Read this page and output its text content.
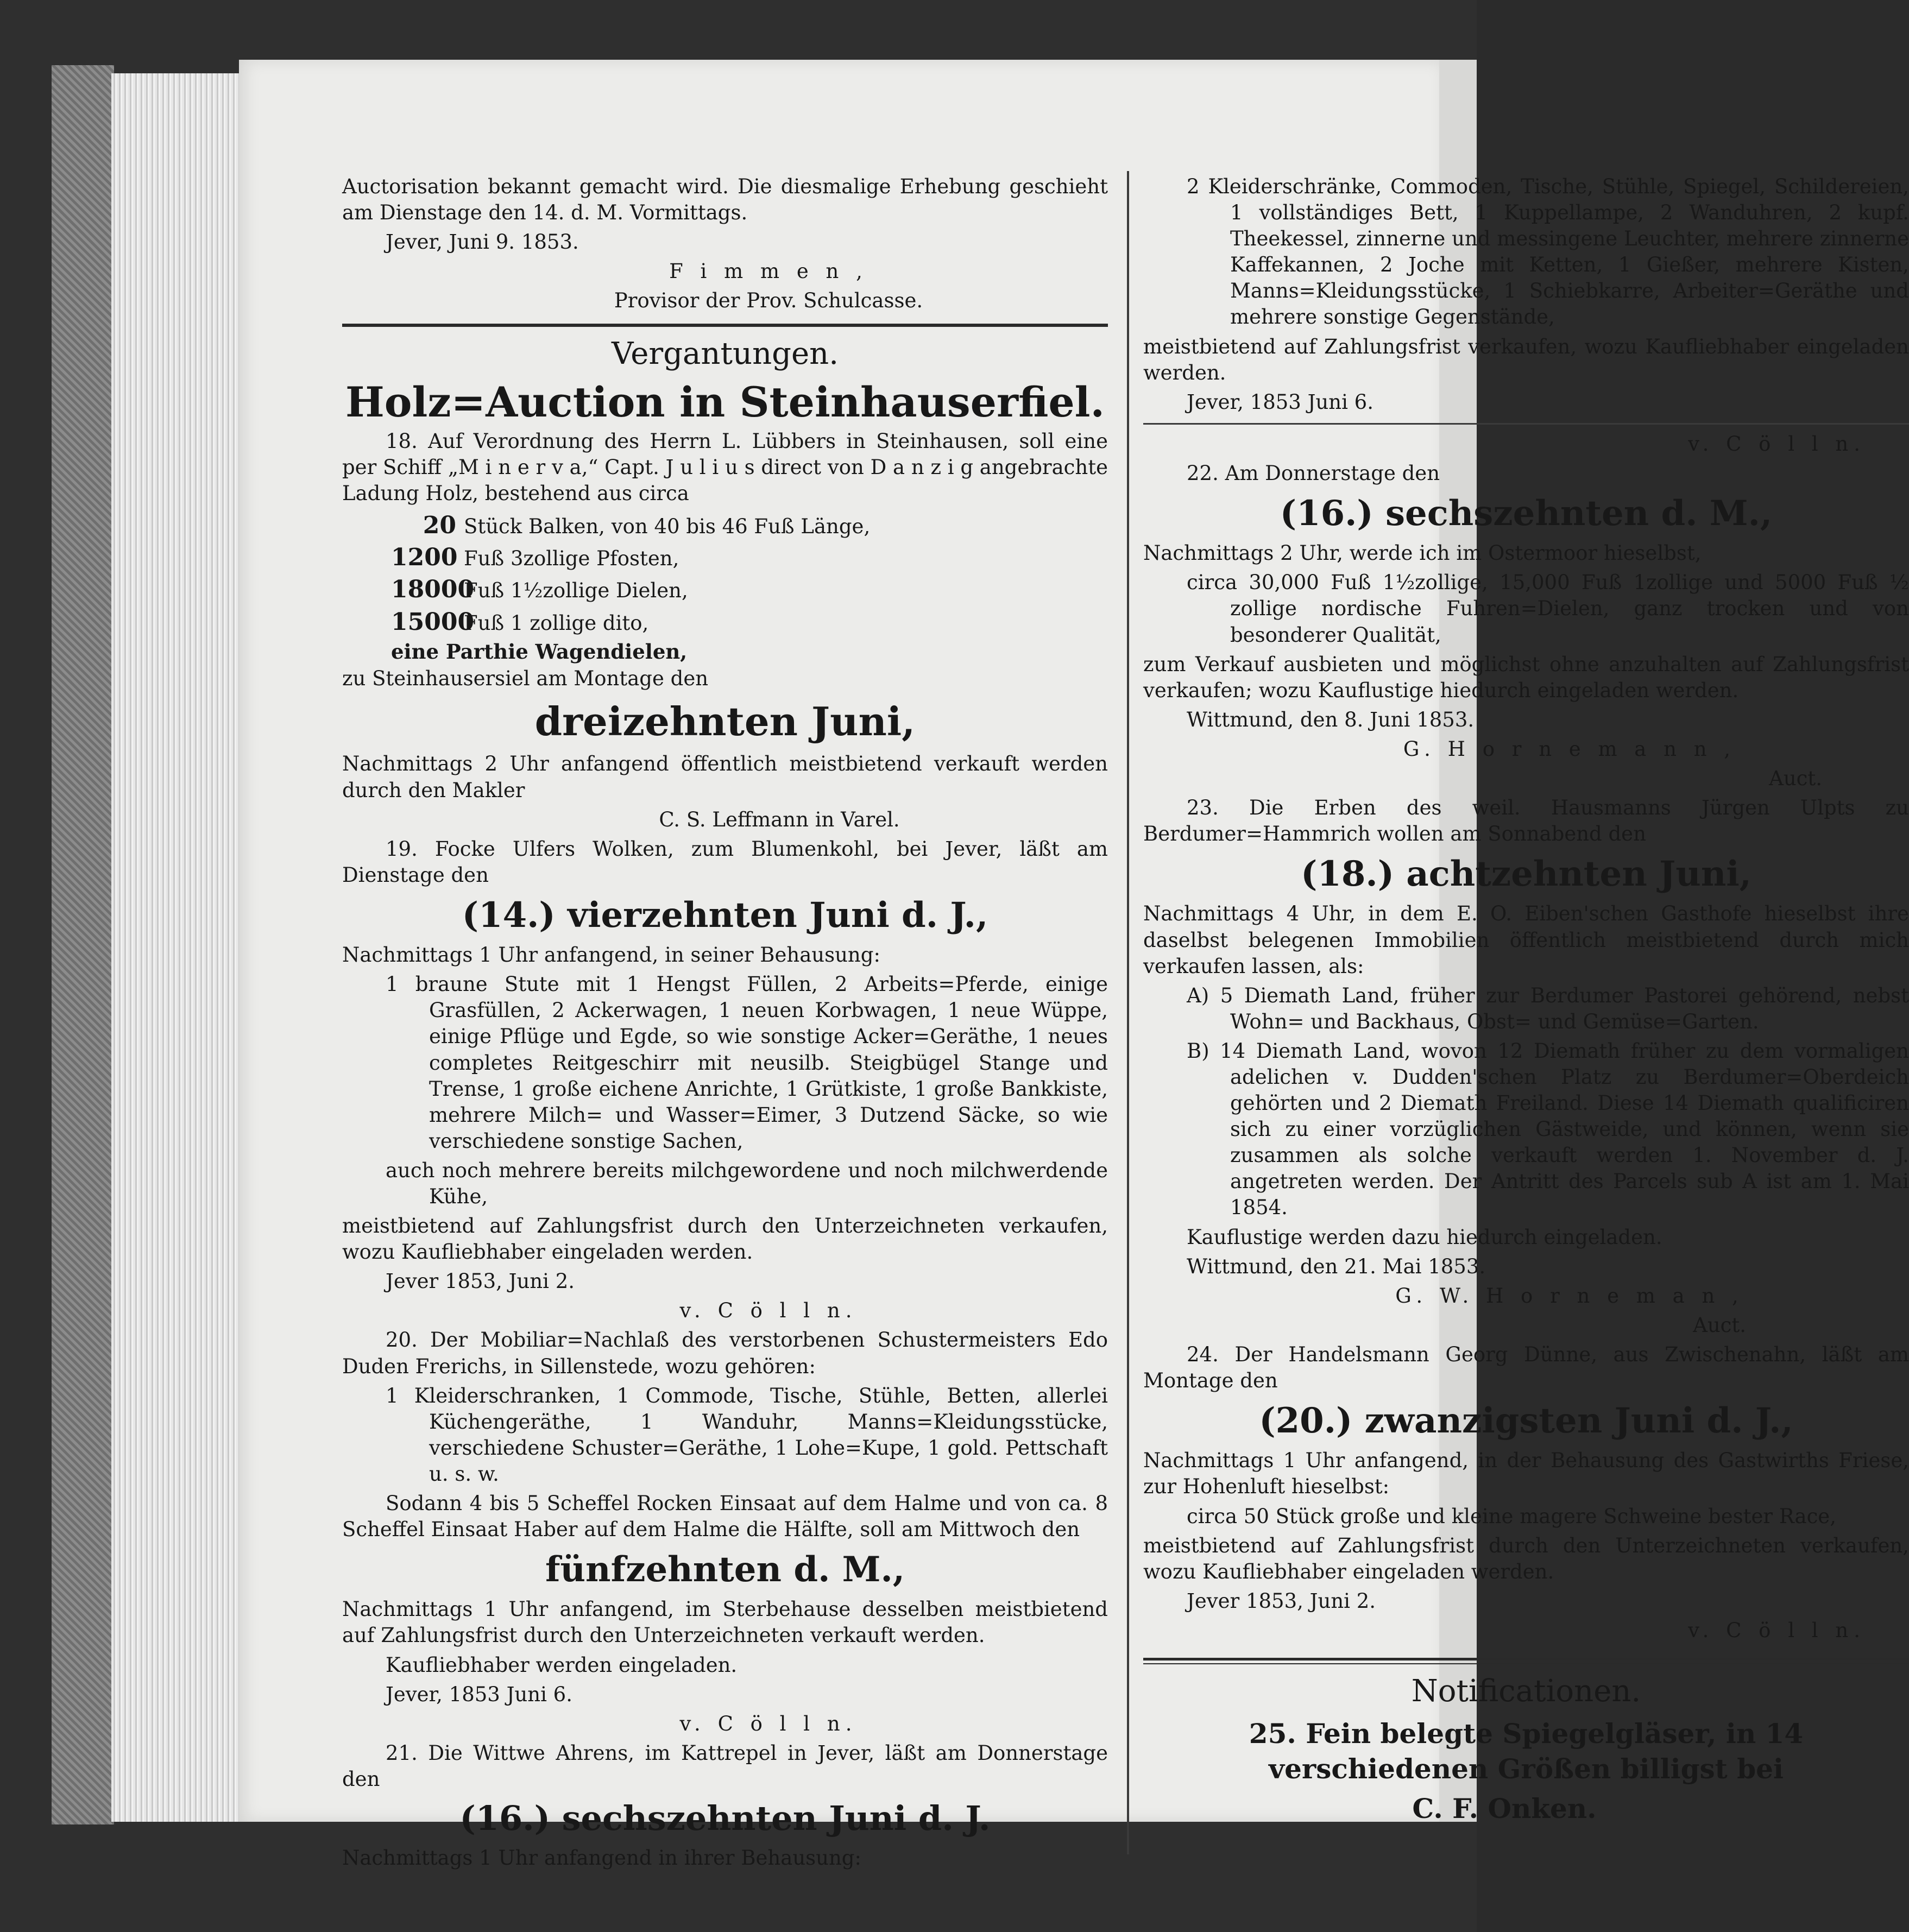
Auctorisation bekannt gemacht wird. Die diesmalige Erhebung geschieht am Dienstage den 14. d. M. Vormittags.

Jever, Juni 9. 1853.

F i m m e n ,

Provisor der Prov. Schulcasse.

Vergantungen.
Holz=Auction in Steinhauserfiel.

18. Auf Verordnung des Herrn L. Lübbers in Steinhausen, soll eine per Schiff „M i n e r v a,“ Capt. J u l i u s direct von D a n z i g angebrachte Ladung Holz, bestehend aus circa

20 Stück Balken, von 40 bis 46 Fuß Länge,
1200 Fuß 3zollige Pfosten,
18000Fuß 1½zollige Dielen,
15000Fuß 1 zollige dito,
eine Parthie Wagendielen,

zu Steinhausersiel am Montage den

dreizehnten Juni,

Nachmittags 2 Uhr anfangend öffentlich meistbietend verkauft werden durch den Makler

C. S. Leffmann in Varel.

19. Focke Ulfers Wolken, zum Blumenkohl, bei Jever, läßt am Dienstage den

(14.) vierzehnten Juni d. J.,

Nachmittags 1 Uhr anfangend, in seiner Behausung:

1 braune Stute mit 1 Hengst Füllen, 2 Arbeits=Pferde, einige Grasfüllen, 2 Ackerwagen, 1 neuen Korbwagen, 1 neue Wüppe, einige Pflüge und Egde, so wie sonstige Acker=Geräthe, 1 neues completes Reitgeschirr mit neusilb. Steigbügel Stange und Trense, 1 große eichene Anrichte, 1 Grütkiste, 1 große Bankkiste, mehrere Milch= und Wasser=Eimer, 3 Dutzend Säcke, so wie verschiedene sonstige Sachen,

auch noch mehrere bereits milchgewordene und noch milchwerdende Kühe,

meistbietend auf Zahlungsfrist durch den Unterzeichneten verkaufen, wozu Kaufliebhaber eingeladen werden.

Jever 1853, Juni 2.

v. C ö l l n.

20. Der Mobiliar=Nachlaß des verstorbenen Schustermeisters Edo Duden Frerichs, in Sillenstede, wozu gehören:

1 Kleiderschranken, 1 Commode, Tische, Stühle, Betten, allerlei Küchengeräthe, 1 Wanduhr, Manns=Kleidungsstücke, verschiedene Schuster=Geräthe, 1 Lohe=Kupe, 1 gold. Pettschaft u. s. w.

Sodann 4 bis 5 Scheffel Rocken Einsaat auf dem Halme und von ca. 8 Scheffel Einsaat Haber auf dem Halme die Hälfte, soll am Mittwoch den

fünfzehnten d. M.,

Nachmittags 1 Uhr anfangend, im Sterbehause desselben meistbietend auf Zahlungsfrist durch den Unterzeichneten verkauft werden.

Kaufliebhaber werden eingeladen.

Jever, 1853 Juni 6.

v. C ö l l n.

21. Die Wittwe Ahrens, im Kattrepel in Jever, läßt am Donnerstage den

(16.) sechszehnten Juni d. J.

Nachmittags 1 Uhr anfangend in ihrer Behausung:

2 Kleiderschränke, Commoden, Tische, Stühle, Spiegel, Schildereien, 1 vollständiges Bett, 1 Kuppellampe, 2 Wanduhren, 2 kupf. Theekessel, zinnerne und messingene Leuchter, mehrere zinnerne Kaffekannen, 2 Joche mit Ketten, 1 Gießer, mehrere Kisten, Manns=Kleidungsstücke, 1 Schiebkarre, Arbeiter=Geräthe und mehrere sonstige Gegenstände,

meistbietend auf Zahlungsfrist verkaufen, wozu Kaufliebhaber eingeladen werden.

Jever, 1853 Juni 6.

v. C ö l l n.

22. Am Donnerstage den

(16.) sechszehnten d. M.,

Nachmittags 2 Uhr, werde ich im Ostermoor hieselbst,

circa 30,000 Fuß 1½zollige, 15,000 Fuß 1zollige und 5000 Fuß ½ zollige nordische Fuhren=Dielen, ganz trocken und von besonderer Qualität,

zum Verkauf ausbieten und möglichst ohne anzuhalten auf Zahlungsfrist verkaufen; wozu Kauflustige hiedurch eingeladen werden.

Wittmund, den 8. Juni 1853.

G. H o r n e m a n n ,

Auct.

23. Die Erben des weil. Hausmanns Jürgen Ulpts zu Berdumer=Hammrich wollen am Sonnabend den

(18.) achtzehnten Juni,

Nachmittags 4 Uhr, in dem E. O. Eiben'schen Gasthofe hieselbst ihre daselbst belegenen Immobilien öffentlich meistbietend durch mich verkaufen lassen, als:

A) 5 Diemath Land, früher zur Berdumer Pastorei gehörend, nebst Wohn= und Backhaus, Obst= und Gemüse=Garten.

B) 14 Diemath Land, wovon 12 Diemath früher zu dem vormaligen adelichen v. Dudden'schen Platz zu Berdumer=Oberdeich gehörten und 2 Diemath Freiland. Diese 14 Diemath qualificiren sich zu einer vorzüglichen Gästweide, und können, wenn sie zusammen als solche verkauft werden 1. November d. J. angetreten werden. Der Antritt des Parcels sub A ist am 1. Mai 1854.

Kauflustige werden dazu hiedurch eingeladen.

Wittmund, den 21. Mai 1853.

G. W. H o r n e m a n ,

Auct.

24. Der Handelsmann Georg Dünne, aus Zwischenahn, läßt am Montage den

(20.) zwanzigsten Juni d. J.,

Nachmittags 1 Uhr anfangend, in der Behausung des Gastwirths Friese, zur Hohenluft hieselbst:

circa 50 Stück große und kleine magere Schweine bester Race,

meistbietend auf Zahlungsfrist durch den Unterzeichneten verkaufen, wozu Kaufliebhaber eingeladen werden.

Jever 1853, Juni 2.

v. C ö l l n.

Notificationen.
25. Fein belegte Spiegelgläser, in 14 verschiedenen Größen billigst bei
C. F. Onken.
